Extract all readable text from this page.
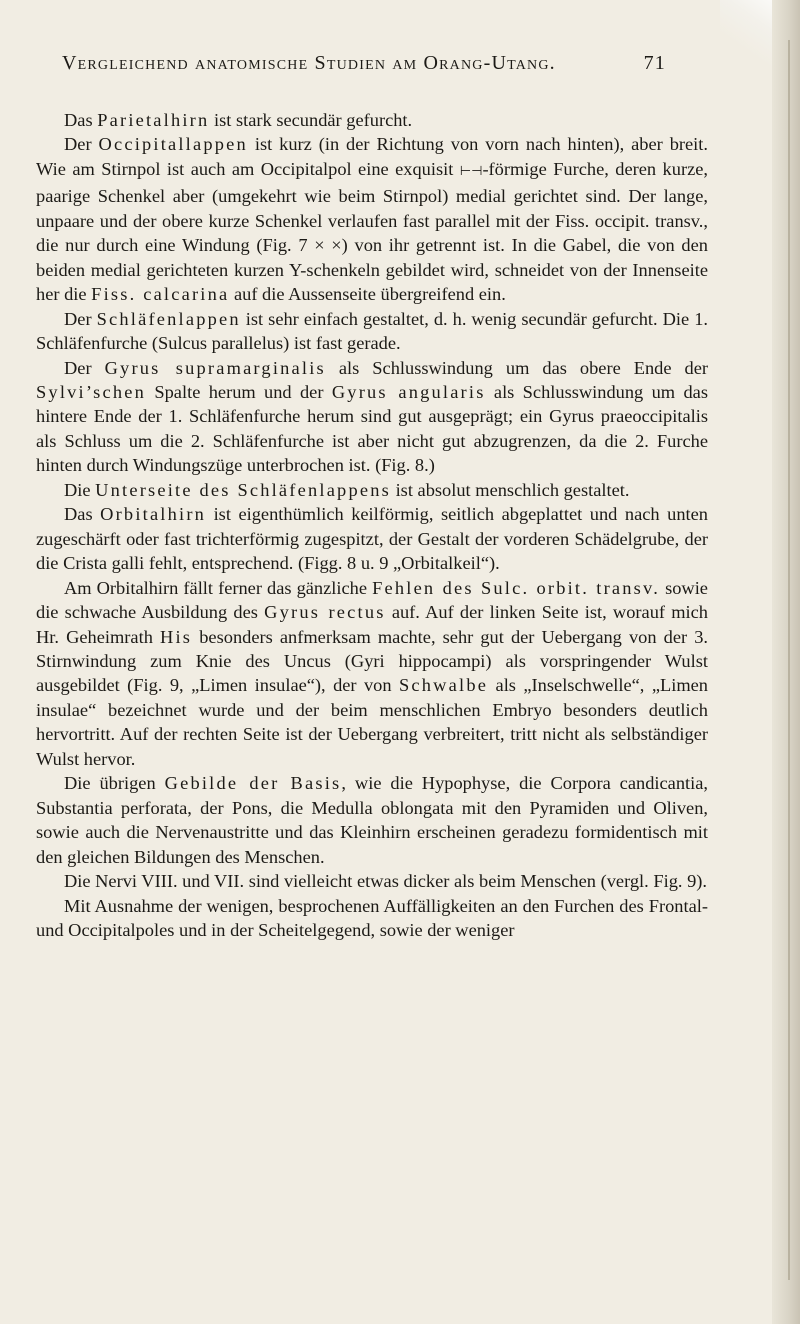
Vergleichend anatomische Studien am Orang-Utang.	71

Das Parietalhirn ist stark secundär gefurcht.

Der Occipitallappen ist kurz (in der Richtung von vorn nach hinten), aber breit. Wie am Stirnpol ist auch am Occipitalpol eine exquisit ⊢⊣-förmige Furche, deren kurze, paarige Schenkel aber (umgekehrt wie beim Stirnpol) medial gerichtet sind. Der lange, unpaare und der obere kurze Schenkel verlaufen fast parallel mit der Fiss. occipit. transv., die nur durch eine Windung (Fig. 7 × ×) von ihr getrennt ist. In die Gabel, die von den beiden medial gerichteten kurzen Y-schenkeln gebildet wird, schneidet von der Innenseite her die Fiss. calcarina auf die Aussenseite übergreifend ein.

Der Schläfenlappen ist sehr einfach gestaltet, d. h. wenig secundär gefurcht. Die 1. Schläfenfurche (Sulcus parallelus) ist fast gerade.

Der Gyrus supramarginalis als Schlusswindung um das obere Ende der Sylvi’schen Spalte herum und der Gyrus angularis als Schlusswindung um das hintere Ende der 1. Schläfenfurche herum sind gut ausgeprägt; ein Gyrus praeoccipitalis als Schluss um die 2. Schläfenfurche ist aber nicht gut abzugrenzen, da die 2. Furche hinten durch Windungszüge unterbrochen ist. (Fig. 8.)

Die Unterseite des Schläfenlappens ist absolut menschlich gestaltet.

Das Orbitalhirn ist eigenthümlich keilförmig, seitlich abgeplattet und nach unten zugeschärft oder fast trichterförmig zugespitzt, der Gestalt der vorderen Schädelgrube, der die Crista galli fehlt, entsprechend. (Figg. 8 u. 9 „Orbitalkeil“).

Am Orbitalhirn fällt ferner das gänzliche Fehlen des Sulc. orbit. transv. sowie die schwache Ausbildung des Gyrus rectus auf. Auf der linken Seite ist, worauf mich Hr. Geheimrath His besonders anfmerksam machte, sehr gut der Uebergang von der 3. Stirnwindung zum Knie des Uncus (Gyri hippocampi) als vorspringender Wulst ausgebildet (Fig. 9, „Limen insulae“), der von Schwalbe als „Inselschwelle“, „Limen insulae“ bezeichnet wurde und der beim menschlichen Embryo besonders deutlich hervortritt. Auf der rechten Seite ist der Uebergang verbreitert, tritt nicht als selbständiger Wulst hervor.

Die übrigen Gebilde der Basis, wie die Hypophyse, die Corpora candicantia, Substantia perforata, der Pons, die Medulla oblongata mit den Pyramiden und Oliven, sowie auch die Nervenaustritte und das Kleinhirn erscheinen geradezu formidentisch mit den gleichen Bildungen des Menschen.

Die Nervi VIII. und VII. sind vielleicht etwas dicker als beim Menschen (vergl. Fig. 9).

Mit Ausnahme der wenigen, besprochenen Auffälligkeiten an den Furchen des Frontal- und Occipitalpoles und in der Scheitelgegend, sowie der weniger
